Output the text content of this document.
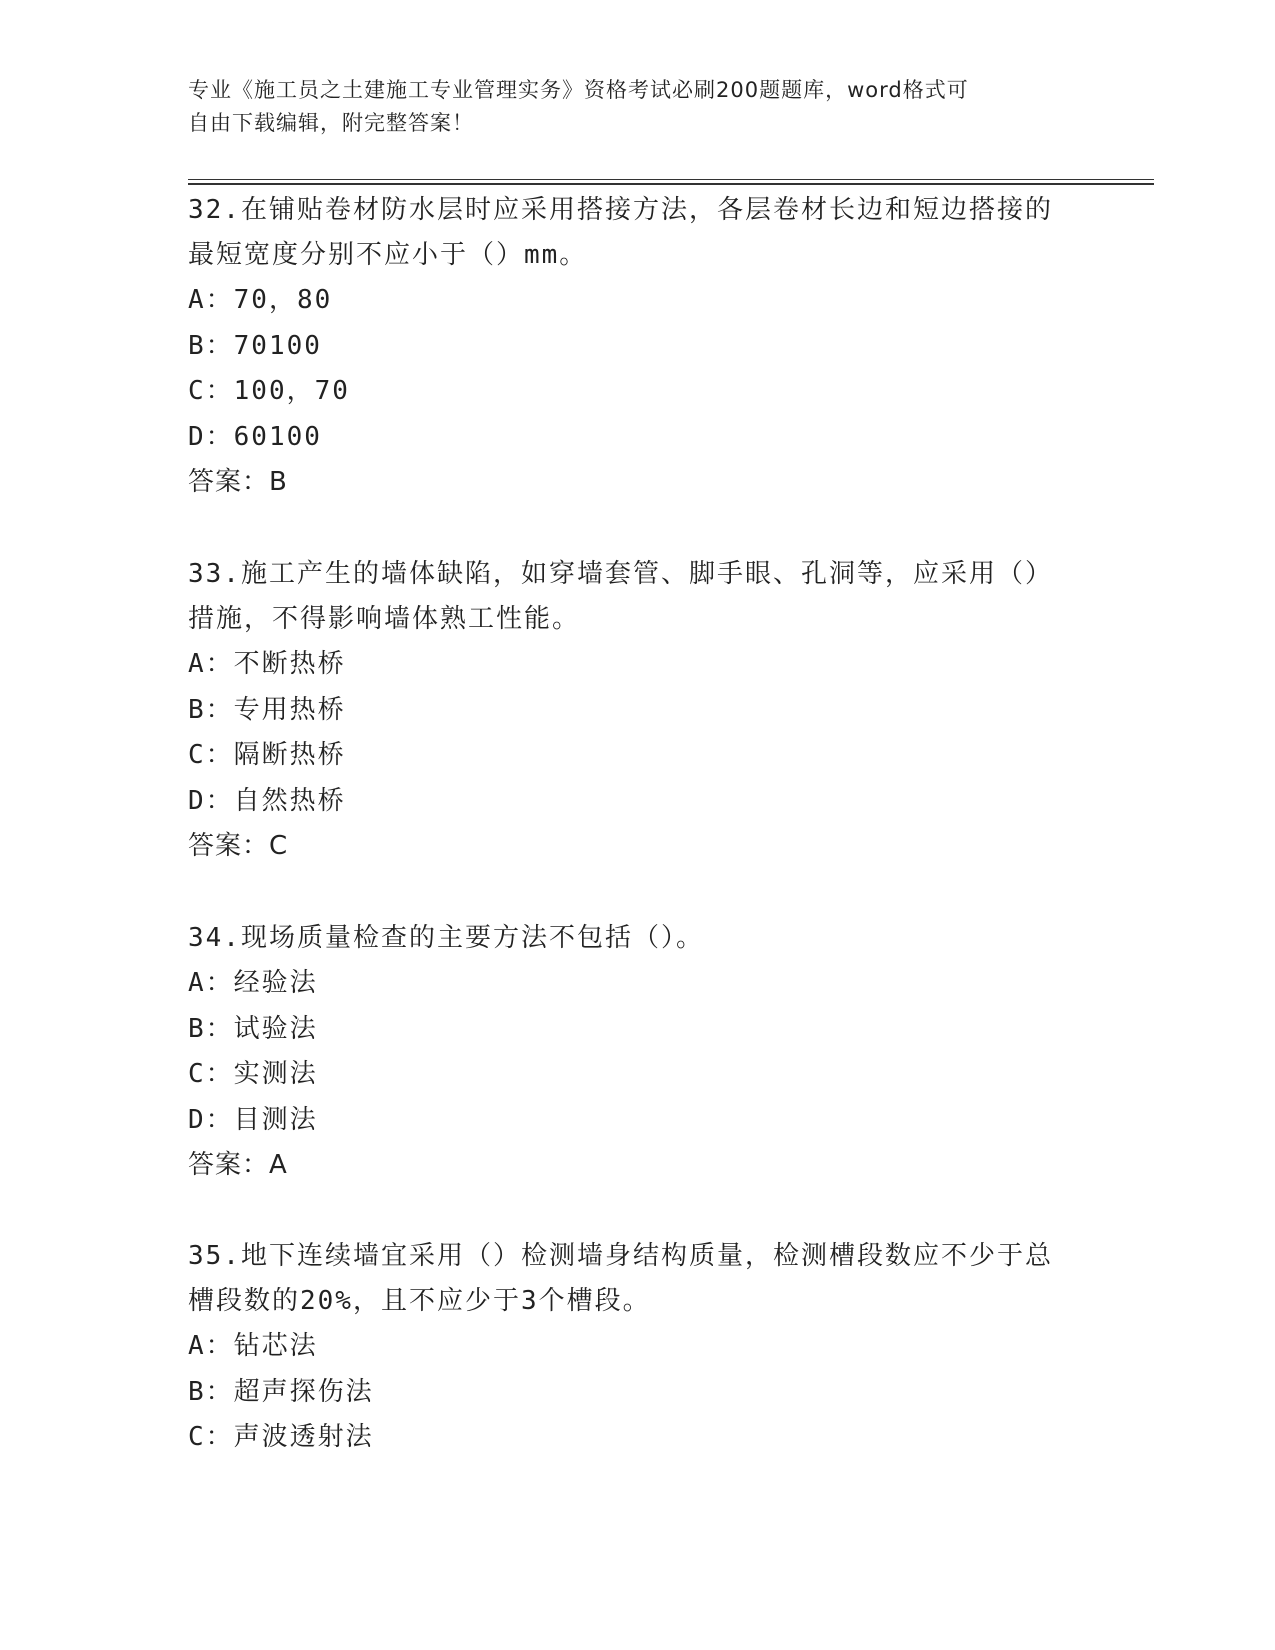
专业《施工员之土建施工专业管理实务》资格考试必刷200题题库，word格式可
自由下载编辑，附完整答案！
32.在铺贴卷材防水层时应采用搭接方法，各层卷材长边和短边搭接的
最短宽度分别不应小于（）mm。
A：70，80
B：70100
C：100，70
D：60100
答案：B
33.施工产生的墙体缺陷，如穿墙套管、脚手眼、孔洞等，应采用（）
措施，不得影响墙体熟工性能。
A：不断热桥
B：专用热桥
C：隔断热桥
D：自然热桥
答案：C
34.现场质量检查的主要方法不包括（）。
A：经验法
B：试验法
C：实测法
D：目测法
答案：A
35.地下连续墙宜采用（）检测墙身结构质量，检测槽段数应不少于总
槽段数的20%，且不应少于3个槽段。
A：钻芯法
B：超声探伤法
C：声波透射法
